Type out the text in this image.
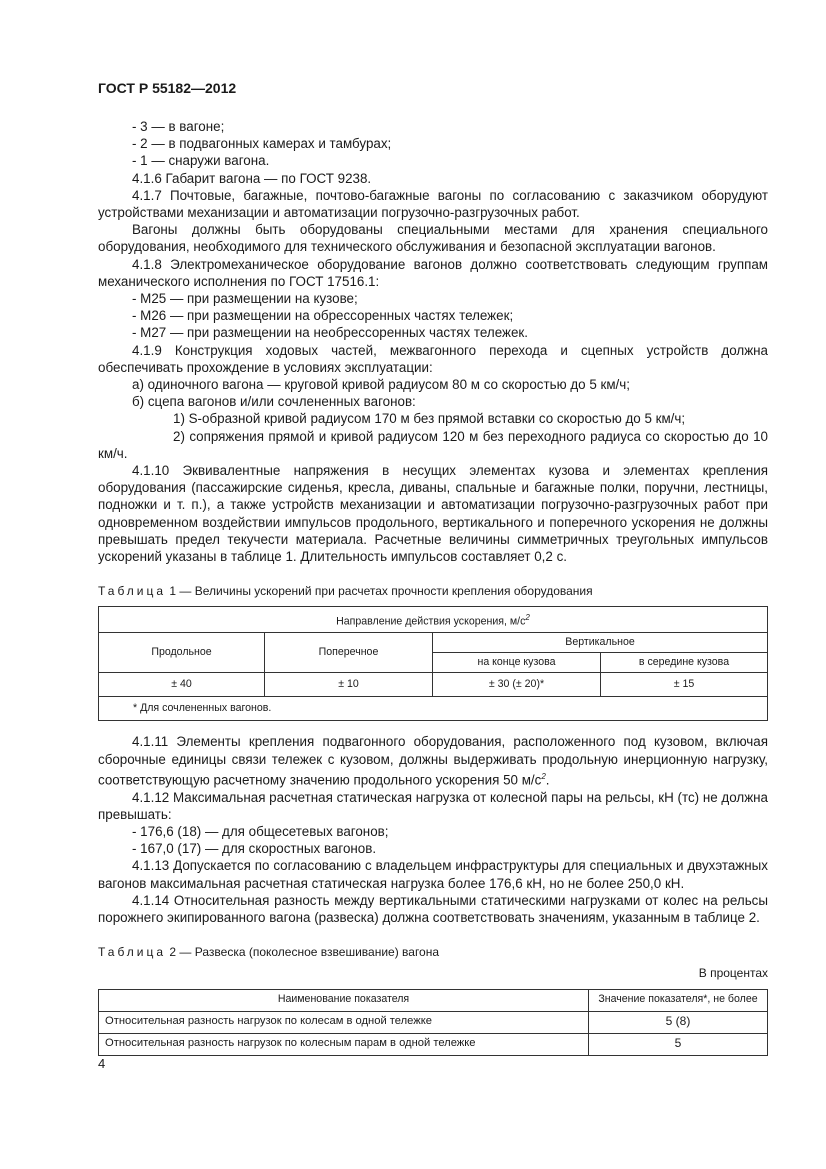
ГОСТ Р 55182—2012

- 3 — в вагоне;

- 2 — в подвагонных камерах и тамбурах;

- 1 — снаружи вагона.

4.1.6 Габарит вагона — по ГОСТ 9238.

4.1.7 Почтовые, багажные, почтово-багажные вагоны по согласованию с заказчиком оборудуют устройствами механизации и автоматизации погрузочно-разгрузочных работ.

Вагоны должны быть оборудованы специальными местами для хранения специального оборудования, необходимого для технического обслуживания и безопасной эксплуатации вагонов.

4.1.8 Электромеханическое оборудование вагонов должно соответствовать следующим группам механического исполнения по ГОСТ 17516.1:

- М25 — при размещении на кузове;

- М26 — при размещении на обрессоренных частях тележек;

- М27 — при размещении на необрессоренных частях тележек.

4.1.9 Конструкция ходовых частей, межвагонного перехода и сцепных устройств должна обеспечивать прохождение в условиях эксплуатации:

а) одиночного вагона — круговой кривой радиусом 80 м со скоростью до 5 км/ч;

б) сцепа вагонов и/или сочлененных вагонов:

1) S-образной кривой радиусом 170 м без прямой вставки со скоростью до 5 км/ч;

2) сопряжения прямой и кривой радиусом 120 м без переходного радиуса со скоростью до 10 км/ч.

4.1.10 Эквивалентные напряжения в несущих элементах кузова и элементах крепления оборудования (пассажирские сиденья, кресла, диваны, спальные и багажные полки, поручни, лестницы, подножки и т. п.), а также устройств механизации и автоматизации погрузочно-разгрузочных работ при одновременном воздействии импульсов продольного, вертикального и поперечного ускорения не должны превышать предел текучести материала. Расчетные величины симметричных треугольных импульсов ускорений указаны в таблице 1. Длительность импульсов составляет 0,2 с.

Таблица 1 — Величины ускорений при расчетах прочности крепления оборудования
Направление действия ускорения, $м/с^2$
Продольное	Поперечное	Вертикальное	
		на конце кузова	в середине кузова
± 40	± 10	± 30 (± 20)*	± 15
* Для сочлененных вагонов.			

4.1.11 Элементы крепления подвагонного оборудования, расположенного под кузовом, включая сборочные единицы связи тележек с кузовом, должны выдерживать продольную инерционную нагрузку, соответствующую расчетному значению продольного ускорения 50 $м/с^2$.

4.1.12 Максимальная расчетная статическая нагрузка от колесной пары на рельсы, кН (тс) не должна превышать:

- 176,6 (18) — для общесетевых вагонов;

- 167,0 (17) — для скоростных вагонов.

4.1.13 Допускается по согласованию с владельцем инфраструктуры для специальных и двухэтажных вагонов максимальная расчетная статическая нагрузка более 176,6 кН, но не более 250,0 кН.

4.1.14 Относительная разность между вертикальными статическими нагрузками от колес на рельсы порожнего экипированного вагона (развеска) должна соответствовать значениям, указанным в таблице 2.

Таблица 2 — Развеска (поколесное взвешивание) вагона
В процентах
Наименование показателя	Значение показателя*, не более
Относительная разность нагрузок по колесам в одной тележке	5 (8)
Относительная разность нагрузок по колесным парам в одной тележке	5
4
